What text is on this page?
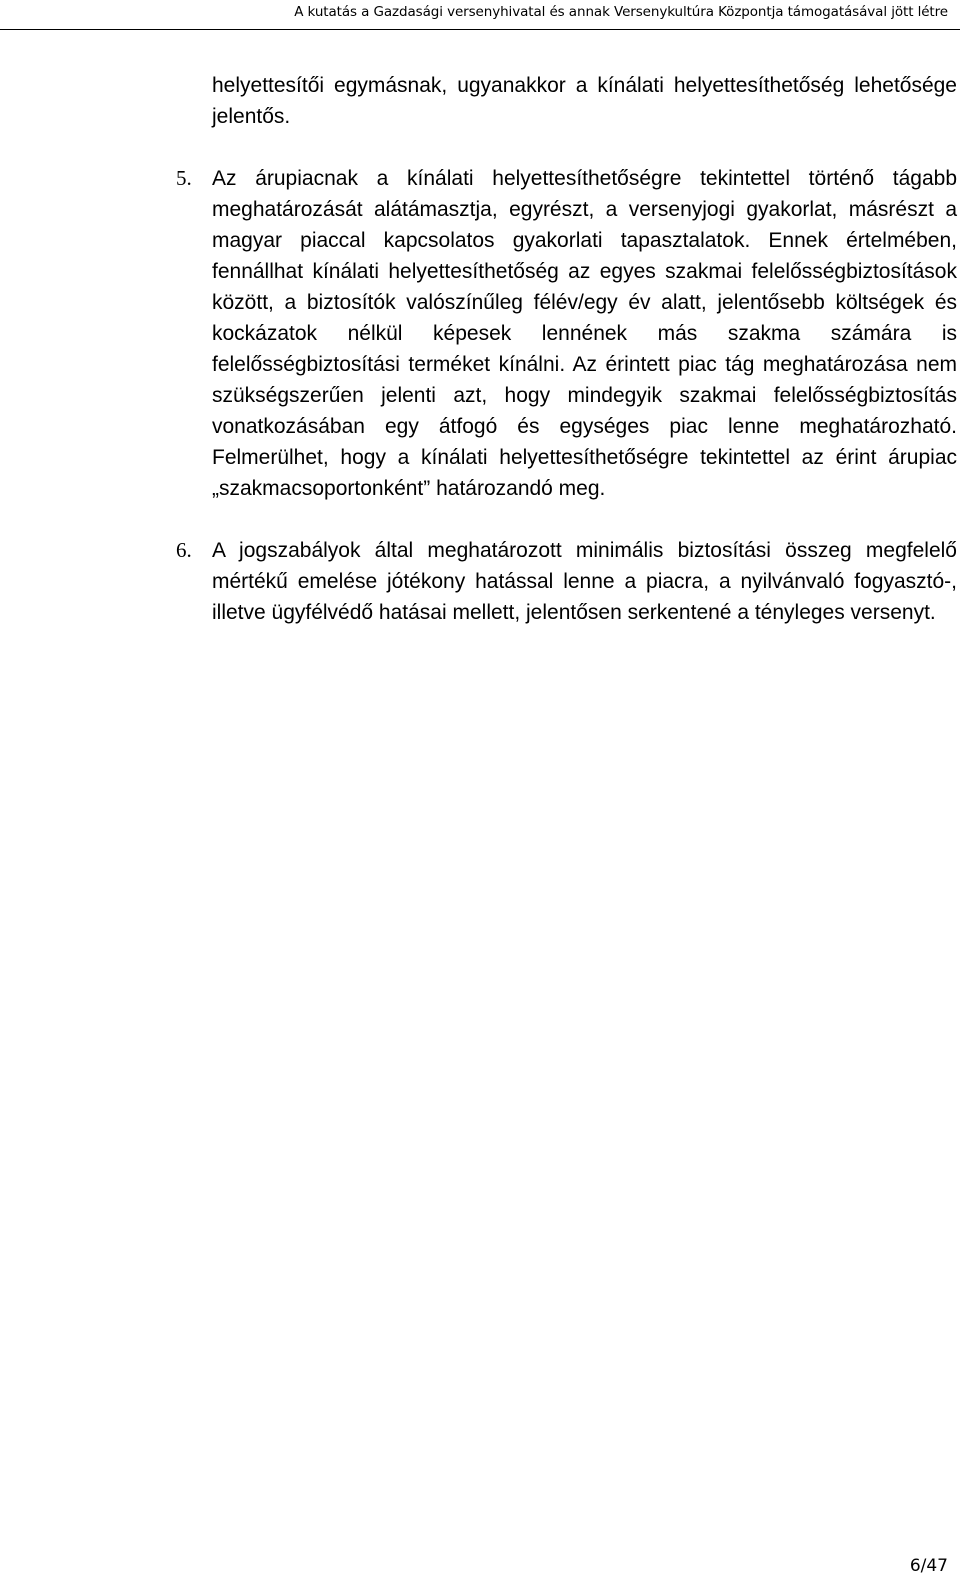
A kutatás a Gazdasági versenyhivatal és annak Versenykultúra Központja támogatásával jött létre

helyettesítői egymásnak, ugyanakkor a kínálati helyettesíthetőség lehetősége jelentős.

5. Az árupiacnak a kínálati helyettesíthetőségre tekintettel történő tágabb meghatározását alátámasztja, egyrészt, a versenyjogi gyakorlat, másrészt a magyar piaccal kapcsolatos gyakorlati tapasztalatok. Ennek értelmében, fennállhat kínálati helyettesíthetőség az egyes szakmai felelősségbiztosítások között, a biztosítók valószínűleg félév/egy év alatt, jelentősebb költségek és kockázatok nélkül képesek lennének más szakma számára is felelősségbiztosítási terméket kínálni. Az érintett piac tág meghatározása nem szükségszerűen jelenti azt, hogy mindegyik szakmai felelősségbiztosítás vonatkozásában egy átfogó és egységes piac lenne meghatározható. Felmerülhet, hogy a kínálati helyettesíthetőségre tekintettel az érint árupiac „szakmacsoportonként” határozandó meg.

6. A jogszabályok által meghatározott minimális biztosítási összeg megfelelő mértékű emelése jótékony hatással lenne a piacra, a nyilvánvaló fogyasztó-, illetve ügyfélvédő hatásai mellett, jelentősen serkentené a tényleges versenyt.

6/47
